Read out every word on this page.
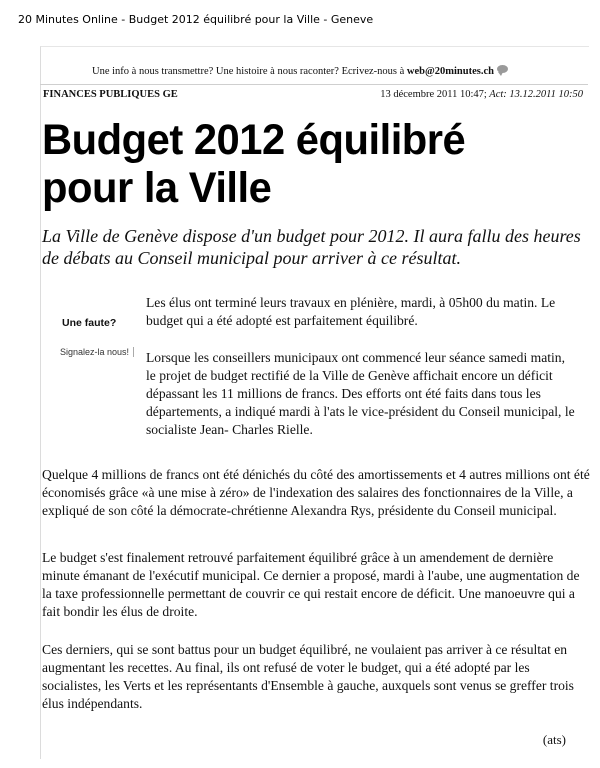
20 Minutes Online - Budget 2012 équilibré pour la Ville - Geneve
Une info à nous transmettre? Une histoire à nous raconter? Ecrivez-nous à web@20minutes.ch
FINANCES PUBLIQUES GE	13 décembre 2011 10:47; Act: 13.12.2011 10:50
Budget 2012 équilibré pour la Ville

La Ville de Genève dispose d'un budget pour 2012. Il aura fallu des heures de débats au Conseil municipal pour arriver à ce résultat.

Une faute?
Signalez-la nous!

Les élus ont terminé leurs travaux en plénière, mardi, à 05h00 du matin. Le budget qui a été adopté est parfaitement équilibré.

Lorsque les conseillers municipaux ont commencé leur séance samedi matin, le projet de budget rectifié de la Ville de Genève affichait encore un déficit dépassant les 11 millions de francs. Des efforts ont été faits dans tous les départements, a indiqué mardi à l'ats le vice-président du Conseil municipal, le socialiste Jean- Charles Rielle.

Quelque 4 millions de francs ont été dénichés du côté des amortissements et 4 autres millions ont été économisés grâce «à une mise à zéro» de l'indexation des salaires des fonctionnaires de la Ville, a expliqué de son côté la démocrate-chrétienne Alexandra Rys, présidente du Conseil municipal.

Le budget s'est finalement retrouvé parfaitement équilibré grâce à un amendement de dernière minute émanant de l'exécutif municipal. Ce dernier a proposé, mardi à l'aube, une augmentation de la taxe professionnelle permettant de couvrir ce qui restait encore de déficit. Une manoeuvre qui a fait bondir les élus de droite.

Ces derniers, qui se sont battus pour un budget équilibré, ne voulaient pas arriver à ce résultat en augmentant les recettes. Au final, ils ont refusé de voter le budget, qui a été adopté par les socialistes, les Verts et les représentants d'Ensemble à gauche, auxquels sont venus se greffer trois élus indépendants.

(ats)
